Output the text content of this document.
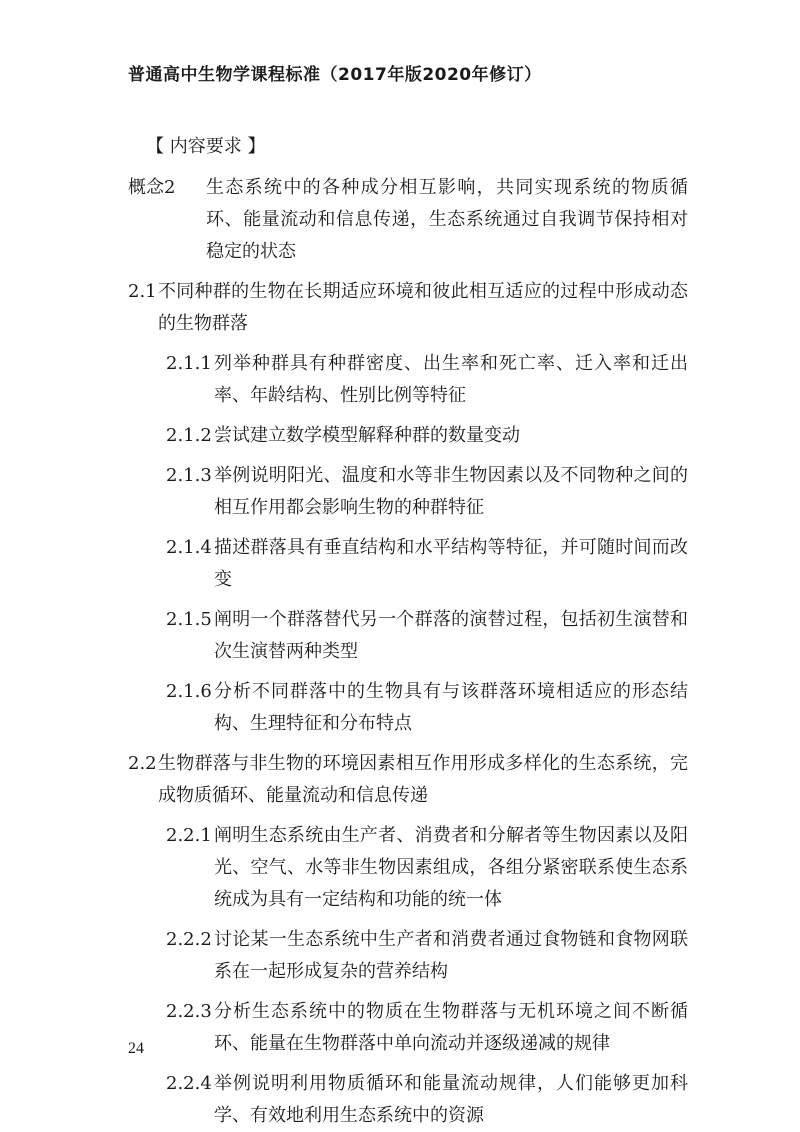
普通高中生物学课程标准（2017年版2020年修订）
【 内容要求 】
概念2	生态系统中的各种成分相互影响，共同实现系统的物质循环、能量流动和信息传递，生态系统通过自我调节保持相对稳定的状态
2.1 不同种群的生物在长期适应环境和彼此相互适应的过程中形成动态的生物群落
2.1.1 列举种群具有种群密度、出生率和死亡率、迁入率和迁出率、年龄结构、性别比例等特征
2.1.2 尝试建立数学模型解释种群的数量变动
2.1.3 举例说明阳光、温度和水等非生物因素以及不同物种之间的相互作用都会影响生物的种群特征
2.1.4 描述群落具有垂直结构和水平结构等特征，并可随时间而改变
2.1.5 阐明一个群落替代另一个群落的演替过程，包括初生演替和次生演替两种类型
2.1.6 分析不同群落中的生物具有与该群落环境相适应的形态结构、生理特征和分布特点
2.2 生物群落与非生物的环境因素相互作用形成多样化的生态系统，完成物质循环、能量流动和信息传递
2.2.1 阐明生态系统由生产者、消费者和分解者等生物因素以及阳光、空气、水等非生物因素组成，各组分紧密联系使生态系统成为具有一定结构和功能的统一体
2.2.2 讨论某一生态系统中生产者和消费者通过食物链和食物网联系在一起形成复杂的营养结构
2.2.3 分析生态系统中的物质在生物群落与无机环境之间不断循环、能量在生物群落中单向流动并逐级递减的规律
2.2.4 举例说明利用物质循环和能量流动规律，人们能够更加科学、有效地利用生态系统中的资源
24
